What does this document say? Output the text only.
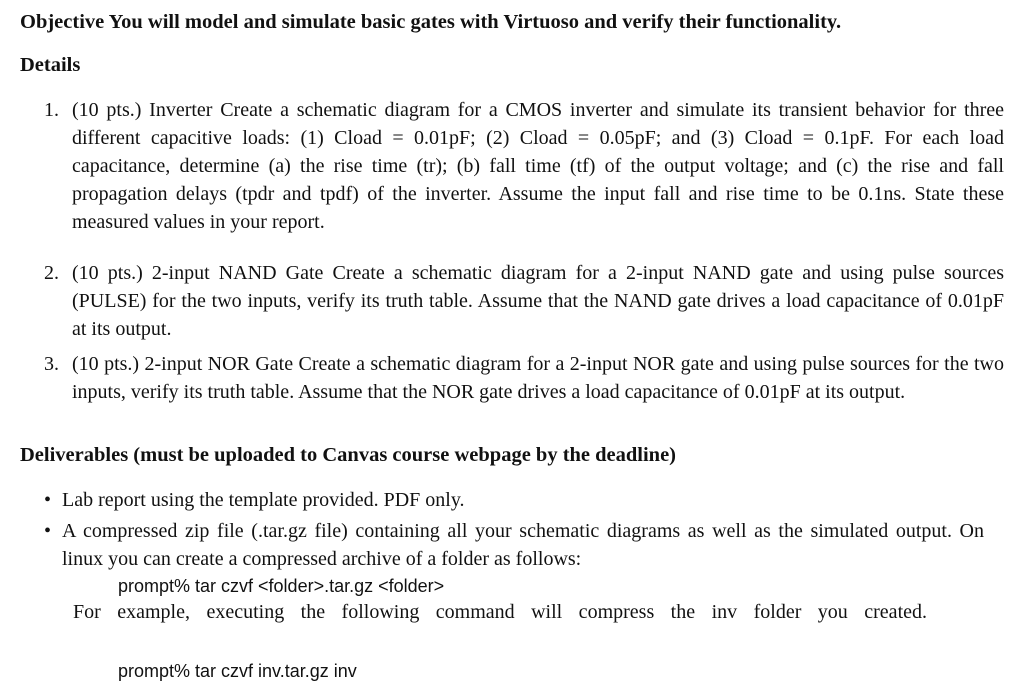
Objective You will model and simulate basic gates with Virtuoso and verify their functionality.
Details
1. (10 pts.) Inverter Create a schematic diagram for a CMOS inverter and simulate its transient behavior for three different capacitive loads: (1) Cload = 0.01pF; (2) Cload = 0.05pF; and (3) Cload = 0.1pF. For each load capacitance, determine (a) the rise time (tr); (b) fall time (tf) of the output voltage; and (c) the rise and fall propagation delays (tpdr and tpdf) of the inverter. Assume the input fall and rise time to be 0.1ns. State these measured values in your report.
2. (10 pts.) 2-input NAND Gate Create a schematic diagram for a 2-input NAND gate and using pulse sources (PULSE) for the two inputs, verify its truth table. Assume that the NAND gate drives a load capacitance of 0.01pF at its output.
3. (10 pts.) 2-input NOR Gate Create a schematic diagram for a 2-input NOR gate and using pulse sources for the two inputs, verify its truth table. Assume that the NOR gate drives a load capacitance of 0.01pF at its output.
Deliverables (must be uploaded to Canvas course webpage by the deadline)
• Lab report using the template provided. PDF only.
• A compressed zip file (.tar.gz file) containing all your schematic diagrams as well as the simulated output. On linux you can create a compressed archive of a folder as follows:
prompt% tar czvf <folder>.tar.gz <folder>
For example, executing the following command will compress the inv folder you created.
prompt% tar czvf inv.tar.gz inv
